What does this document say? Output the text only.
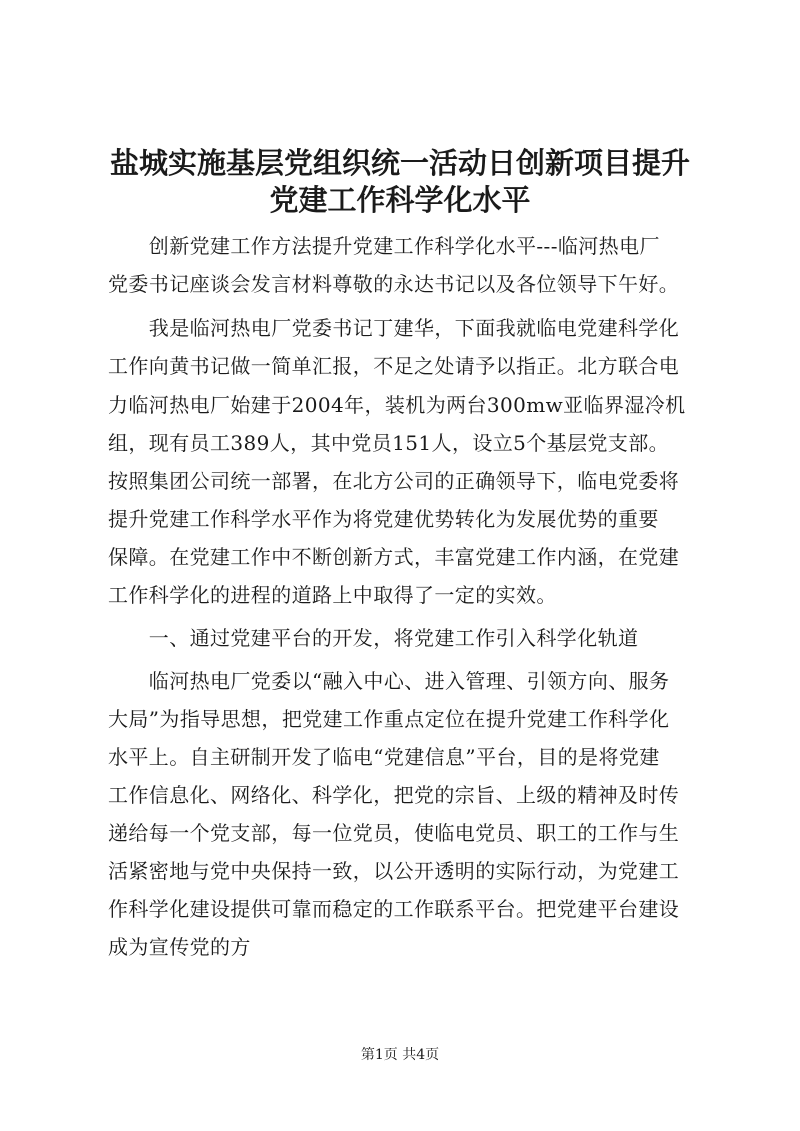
盐城实施基层党组织统一活动日创新项目提升
党建工作科学化水平

　　创新党建工作方法提升党建工作科学化水平---临河热电厂

党委书记座谈会发言材料尊敬的永达书记以及各位领导下午好。

　　我是临河热电厂党委书记丁建华，下面我就临电党建科学化

工作向黄书记做一简单汇报，不足之处请予以指正。北方联合电

力临河热电厂始建于2004年，装机为两台300mw亚临界湿冷机

组，现有员工389人，其中党员151人，设立5个基层党支部。

按照集团公司统一部署，在北方公司的正确领导下，临电党委将

提升党建工作科学水平作为将党建优势转化为发展优势的重要

保障。在党建工作中不断创新方式，丰富党建工作内涵，在党建

工作科学化的进程的道路上中取得了一定的实效。

　　一、通过党建平台的开发，将党建工作引入科学化轨道

　　临河热电厂党委以“融入中心、进入管理、引领方向、服务

大局”为指导思想，把党建工作重点定位在提升党建工作科学化

水平上。自主研制开发了临电“党建信息”平台，目的是将党建

工作信息化、网络化、科学化，把党的宗旨、上级的精神及时传

递给每一个党支部，每一位党员，使临电党员、职工的工作与生

活紧密地与党中央保持一致，以公开透明的实际行动，为党建工

作科学化建设提供可靠而稳定的工作联系平台。把党建平台建设

成为宣传党的方

第1页 共4页
